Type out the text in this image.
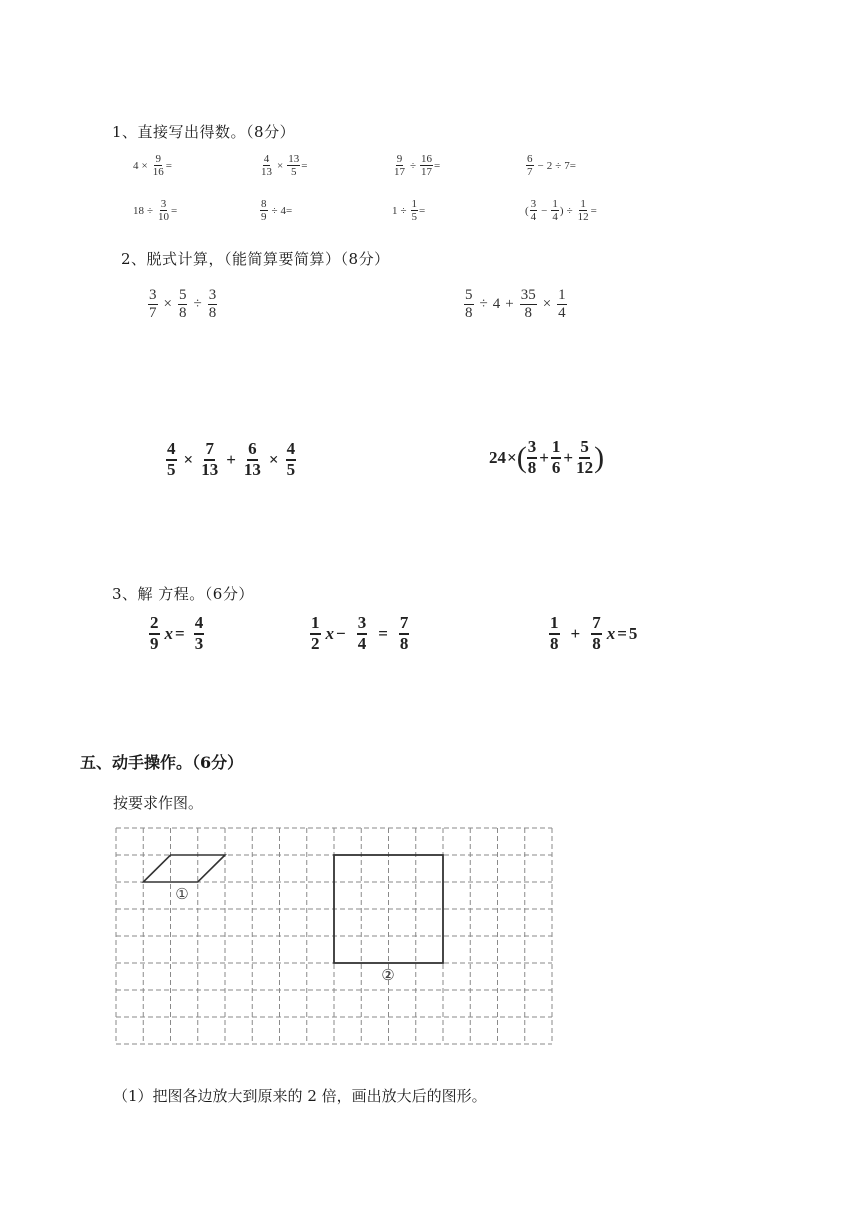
1、直接写出得数。（8分）
$4 \times \frac{9}{16}$ =	$\frac{4}{13} \times \frac{13}{5}$ =	$\frac{9}{17} \div \frac{16}{17}$ =	$\frac{6}{7} - 2 \div 7$ =
$18 \div \frac{3}{10}$ =	$\frac{8}{9} \div 4$ =	$1 \div \frac{1}{5}$ =	( $\frac{3}{4} - \frac{1}{4}$ ) ÷ $\frac{1}{12}$ =
2、脱式计算，（能简算要简算）（8分）
$\frac{3}{7} \times \frac{5}{8} \div \frac{3}{8}$	$\frac{5}{8} \div 4 + \frac{35}{8} \times \frac{1}{4}$
$\frac{4}{5} \times \frac{7}{13} + \frac{6}{13} \times \frac{4}{5}$	24 × ( $\frac{3}{8} + \frac{1}{6} + \frac{5}{12}$ )
3、解 方程。（6分）
$\frac{2}{9}$ $x = \frac{4}{3}$	$\frac{1}{2}$ $x - \frac{3}{4} = \frac{7}{8}$	$\frac{1}{8} + \frac{7}{8}$ x = 5
五、动手操作。（6分）
按要求作图。
①
②
（1）把图各边放大到原来的 2 倍，画出放大后的图形。
